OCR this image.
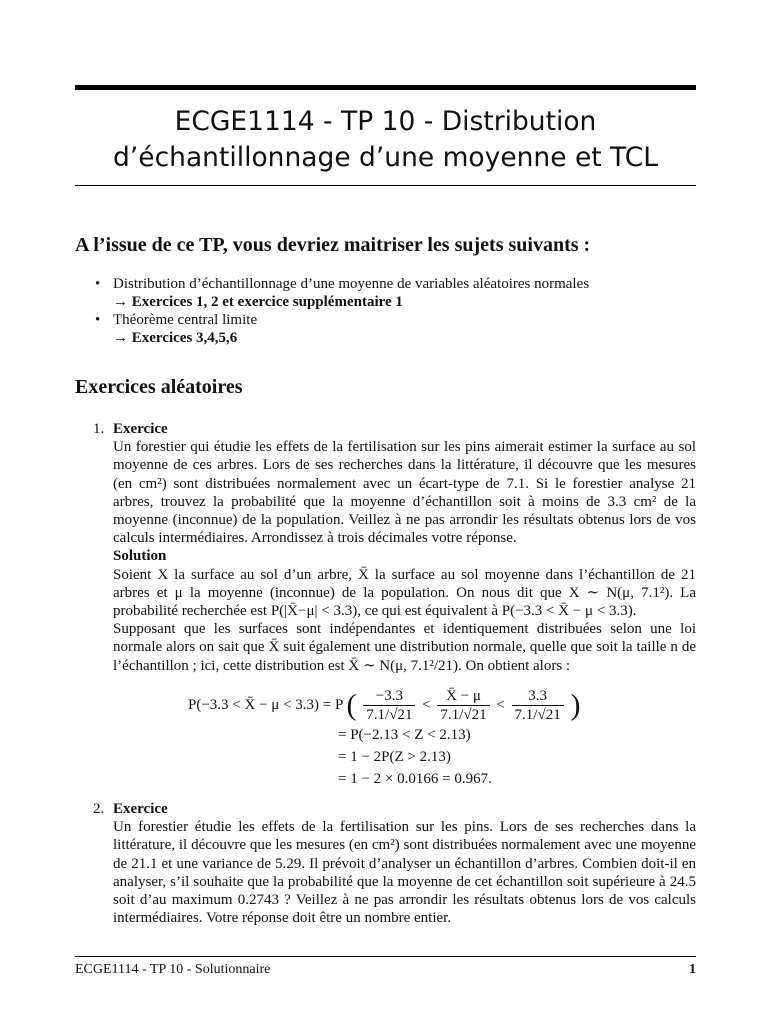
ECGE1114 - TP 10 - Distribution
d’échantillonnage d’une moyenne et TCL
A l’issue de ce TP, vous devriez maitriser les sujets suivants :
• Distribution d’échantillonnage d’une moyenne de variables aléatoires normales
→ Exercices 1, 2 et exercice supplémentaire 1
• Théorème central limite
→ Exercices 3,4,5,6
Exercices aléatoires
1. Exercice

Un forestier qui étudie les effets de la fertilisation sur les pins aimerait estimer la surface au sol moyenne de ces arbres. Lors de ses recherches dans la littérature, il découvre que les mesures (en cm²) sont distribuées normalement avec un écart-type de 7.1. Si le forestier analyse 21 arbres, trouvez la probabilité que la moyenne d’échantillon soit à moins de 3.3 cm² de la moyenne (inconnue) de la population. Veillez à ne pas arrondir les résultats obtenus lors de vos calculs intermédiaires. Arrondissez à trois décimales votre réponse.

Solution

Soient X la surface au sol d’un arbre, X̄ la surface au sol moyenne dans l’échantillon de 21 arbres et μ la moyenne (inconnue) de la population. On nous dit que X ∼ N(μ, 7.1²). La probabilité recherchée est P(|X̄−μ| < 3.3), ce qui est équivalent à P(−3.3 < X̄ − μ < 3.3).

Supposant que les surfaces sont indépendantes et identiquement distribuées selon une loi normale alors on sait que X̄ suit également une distribution normale, quelle que soit la taille n de l’échantillon ; ici, cette distribution est X̄ ∼ N(μ, 7.1²/21). On obtient alors :

P(−3.3 < X̄ − μ < 3.3) = P ( $\frac{-3.3}{7.1/√21} < \frac{X̄ - \mu}{7.1/√21} < \frac{3.3}{7.1/√21}$ )
= P(−2.13 < Z < 2.13)
= 1 − 2P(Z > 2.13)
= 1 − 2 × 0.0166 = 0.967.
2. Exercice

Un forestier étudie les effets de la fertilisation sur les pins. Lors de ses recherches dans la littérature, il découvre que les mesures (en cm²) sont distribuées normalement avec une moyenne de 21.1 et une variance de 5.29. Il prévoit d’analyser un échantillon d’arbres. Combien doit-il en analyser, s’il souhaite que la probabilité que la moyenne de cet échantillon soit supérieure à 24.5 soit d’au maximum 0.2743 ? Veillez à ne pas arrondir les résultats obtenus lors de vos calculs intermédiaires. Votre réponse doit être un nombre entier.

ECGE1114 - TP 10 - Solutionnaire	1
